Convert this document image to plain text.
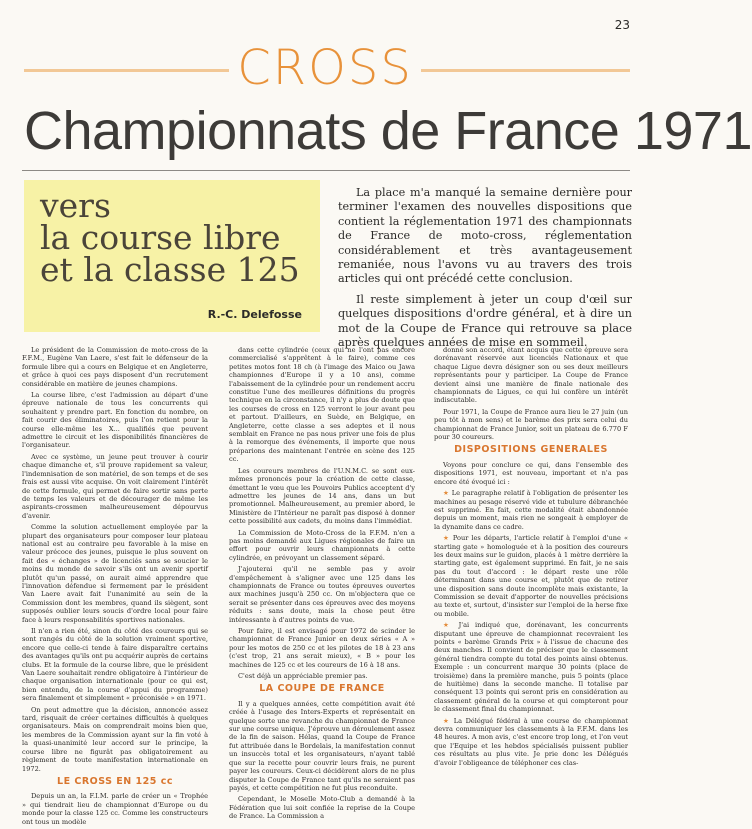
23
CROSS
Championnats de France 1971
vers
la course libre
et la classe 125
R.-C. Delefosse

La place m'a manqué la semaine dernière pour terminer l'examen des nouvelles dispositions que contient la réglementation 1971 des championnats de France de moto-cross, réglementation considérablement et très avantageusement remaniée, nous l'avons vu au travers des trois articles qui ont précédé cette conclusion.

Il reste simplement à jeter un coup d'œil sur quelques dispositions d'ordre général, et à dire un mot de la Coupe de France qui retrouve sa place après quelques années de mise en sommeil.

Le président de la Commission de moto-cross de la F.F.M., Eugène Van Laere, s'est fait le défenseur de la formule libre qui a cours en Belgique et en Angleterre, et grâce à quoi ces pays disposent d'un recrutement considérable en matière de jeunes champions.

La course libre, c'est l'admission au départ d'une épreuve nationale de tous les concurrents qui souhaitent y prendre part. En fonction du nombre, on fait courir des éliminatoires, puis l'on retient pour la course elle-même les X... qualifiés que peuvent admettre le circuit et les disponibilités financières de l'organisateur.

Avec ce système, un jeune peut trouver à courir chaque dimanche et, s'il prouve rapidement sa valeur, l'indemnisation de son matériel, de son temps et de ses frais est aussi vite acquise. On voit clairement l'intérêt de cette formule, qui permet de faire sortir sans perte de temps les valeurs et de décourager de même les aspirants-crossmen malheureusement dépourvus d'avenir.

Comme la solution actuellement employée par la plupart des organisateurs pour composer leur plateau national est au contraire peu favorable à la mise en valeur précoce des jeunes, puisque le plus souvent on fait des « échanges » de licenciés sans se soucier le moins du monde de savoir s'ils ont un avenir sportif plutôt qu'un passé, on aurait aimé apprendre que l'innovation défendue si fermement par le président Van Laere avait fait l'unanimité au sein de la Commission dont les membres, quand ils siègent, sont supposés oublier leurs soucis d'ordre local pour faire face à leurs responsabilités sportives nationales.

Il n'en a rien été, sinon du côté des coureurs qui se sont rangés du côté de la solution vraiment sportive, encore que celle-ci tende à faire disparaître certains des avantages qu'ils ont pu acquérir auprès de certains clubs. Et la formule de la course libre, que le président Van Laere souhaitait rendre obligatoire à l'intérieur de chaque organisation internationale (pour ce qui est, bien entendu, de la course d'appui du programme) sera finalement et simplement « préconisée » en 1971.

On peut admettre que la décision, annoncée assez tard, risquait de créer certaines difficultés à quelques organisateurs. Mais on comprendrait moins bien que, les membres de la Commission ayant sur la fin voté à la quasi-unanimité leur accord sur le principe, la course libre ne figurât pas obligatoirement au règlement de toute manifestation internationale en 1972.

LE CROSS EN 125 cc

Depuis un an, la F.I.M. parle de créer un « Trophée » qui tiendrait lieu de championnat d'Europe ou du monde pour la classe 125 cc. Comme les constructeurs ont tous un modèle

dans cette cylindrée (ceux qui ne l'ont pas encore commercialisé s'apprêtent à le faire), comme ces petites motos font 18 ch (à l'image des Maico ou Jawa championnes d'Europe il y a 10 ans), comme l'abaissement de la cylindrée pour un rendement accru constitue l'une des meilleures définitions du progrès technique en la circonstance, il n'y a plus de doute que les courses de cross en 125 verront le jour avant peu et partout. D'ailleurs, en Suède, en Belgique, en Angleterre, cette classe a ses adeptes et il nous semblait en France ne pas nous priver une fois de plus à la remorque des événements, il importe que nous préparions des maintenant l'entrée en scène des 125 cc.

Les coureurs membres de l'U.N.M.C. se sont eux-mêmes prononcés pour la création de cette classe, émettant le vœu que les Pouvoirs Publics acceptent d'y admettre les jeunes de 14 ans, dans un but promotionnel. Malheureusement, au premier abord, le Ministère de l'Intérieur ne paraît pas disposé à donner cette possibilité aux cadets, du moins dans l'immédiat.

La Commission de Moto-Cross de la F.F.M. n'en a pas moins demandé aux Ligues régionales de faire un effort pour ouvrir leurs championnats à cette cylindrée, en prévoyant un classement séparé.

J'ajouterai qu'il ne semble pas y avoir d'empêchement à s'aligner avec une 125 dans les championnats de France ou toutes épreuves ouvertes aux machines jusqu'à 250 cc. On m'objectera que ce serait se présenter dans ces épreuves avec des moyens réduits : sans doute, mais la chose peut être intéressante à d'autres points de vue.

Pour faire, il est envisagé pour 1972 de scinder le championnat de France Junior en deux séries « A » pour les motos de 250 cc et les pilotes de 18 à 23 ans (c'est trop, 21 ans serait mieux), « B » pour les machines de 125 cc et les coureurs de 16 à 18 ans.

C'est déjà un appréciable premier pas.

LA COUPE DE FRANCE

Il y a quelques années, cette compétition avait été créée à l'usage des Inters-Experts et représentait en quelque sorte une revanche du championnat de France sur une course unique. J'éprouve un déroulement assez de la fin de saison. Hélas, quand la Coupe de France fut attribuée dans le Bordelais, la manifestation connut un insuccès total et les organisateurs, n'ayant tablé que sur la recette pour couvrir leurs frais, ne purent payer les coureurs. Ceux-ci décidèrent alors de ne plus disputer la Coupe de France tant qu'ils ne seraient pas payés, et cette compétition ne fut plus reconduite.

Cependant, le Moselle Moto-Club a demandé à la Fédération que lui soit confiée la reprise de la Coupe de France. La Commission a

donné son accord, étant acquis que cette épreuve sera dorénavant réservée aux licenciés Nationaux et que chaque Ligue devra désigner son ou ses deux meilleurs représentants pour y participer. La Coupe de France devient ainsi une manière de finale nationale des championnats de Ligues, ce qui lui confère un intérêt indiscutable.

Pour 1971, la Coupe de France aura lieu le 27 juin (un peu tôt à mon sens) et le barème des prix sera celui du championnat de France Junior, soit un plateau de 6.770 F pour 30 coureurs.

DISPOSITIONS GENERALES

Voyons pour conclure ce qui, dans l'ensemble des dispositions 1971, est nouveau, important et n'a pas encore été évoqué ici :

★ Le paragraphe relatif à l'obligation de présenter les machines au pesage réservé vide et tubulure débranchée est supprimé. En fait, cette modalité était abandonnée depuis un moment, mais rien ne songeait à employer de la dynamite dans ce cadre.

★ Pour les départs, l'article relatif à l'emploi d'une « starting gate » homologuée et à la position des coureurs les deux mains sur le guidon, placés à 1 mètre derrière la starting gate, est également supprimé. En fait, je ne sais pas du tout d'accord : le départ reste une rôle déterminant dans une course et, plutôt que de retirer une disposition sans doute incomplète mais existante, la Commission se devait d'apporter de nouvelles précisions au texte et, surtout, d'insister sur l'emploi de la herse fixe ou mobile.

★ J'ai indiqué que, dorénavant, les concurrents disputant une épreuve de championnat recevraient les points « barème Grands Prix » à l'issue de chacune des deux manches. Il convient de préciser que le classement général tiendra compte du total des points ainsi obtenus. Exemple : un concurrent marque 30 points (place de troisième) dans la première manche, puis 5 points (place de huitième) dans la seconde manche. Il totalise par conséquent 13 points qui seront pris en considération au classement général de la course et qui compteront pour le classement final du championnat.

★ La Délégué fédéral à une course de championnat devra communiquer les classements à la F.F.M. dans les 48 heures. A mon avis, c'est encore trop long, et l'on veut que l'Equipe et les hebdos spécialisés puissent publier ces résultats au plus vite. Je prie donc les Délégués d'avoir l'obligeance de téléphoner ces clas-
